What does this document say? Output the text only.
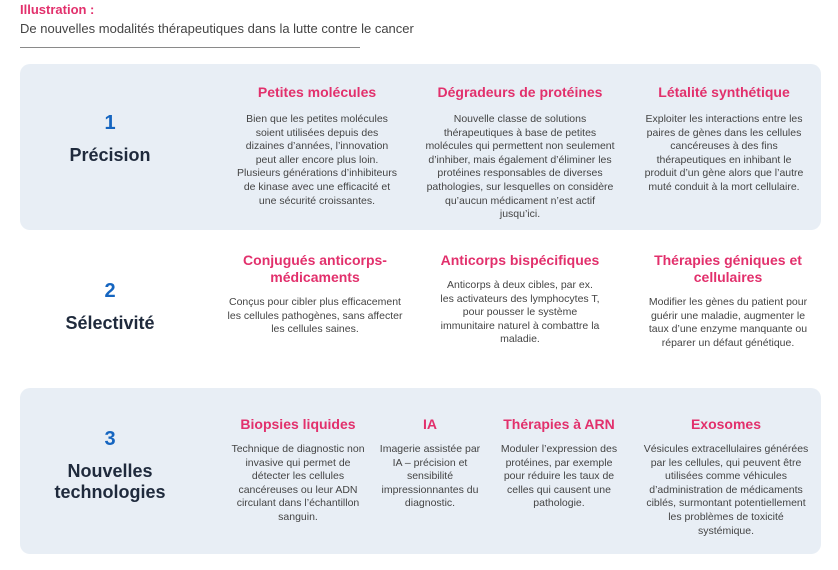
Illustration :
De nouvelles modalités thérapeutiques dans la lutte contre le cancer
1
Précision
Petites molécules
Bien que les petites molécules soient utilisées depuis des dizaines d’années, l’innovation peut aller encore plus loin. Plusieurs générations d’inhibiteurs de kinase avec une efficacité et une sécurité croissantes.
Dégradeurs de protéines
Nouvelle classe de solutions thérapeutiques à base de petites molécules qui permettent non seulement d’inhiber, mais également d’éliminer les protéines responsables de diverses pathologies, sur lesquelles on considère qu’aucun médicament n’est actif jusqu’ici.
Létalité synthétique
Exploiter les interactions entre les paires de gènes dans les cellules cancéreuses à des fins thérapeutiques en inhibant le produit d’un gène alors que l’autre muté conduit à la mort cellulaire.
2
Sélectivité
Conjugués anticorps-médicaments
Conçus pour cibler plus efficacement les cellules pathogènes, sans affecter les cellules saines.
Anticorps bispécifiques
Anticorps à deux cibles, par ex. les activateurs des lymphocytes T, pour pousser le système immunitaire naturel à combattre la maladie.
Thérapies géniques et cellulaires
Modifier les gènes du patient pour guérir une maladie, augmenter le taux d’une enzyme manquante ou réparer un défaut génétique.
3
Nouvelles technologies
Biopsies liquides
Technique de diagnostic non invasive qui permet de détecter les cellules cancéreuses ou leur ADN circulant dans l’échantillon sanguin.
IA
Imagerie assistée par IA – précision et sensibilité impressionnantes du diagnostic.
Thérapies à ARN
Moduler l’expression des protéines, par exemple pour réduire les taux de celles qui causent une pathologie.
Exosomes
Vésicules extracellulaires générées par les cellules, qui peuvent être utilisées comme véhicules d’administration de médicaments ciblés, surmontant potentiellement les problèmes de toxicité systémique.
